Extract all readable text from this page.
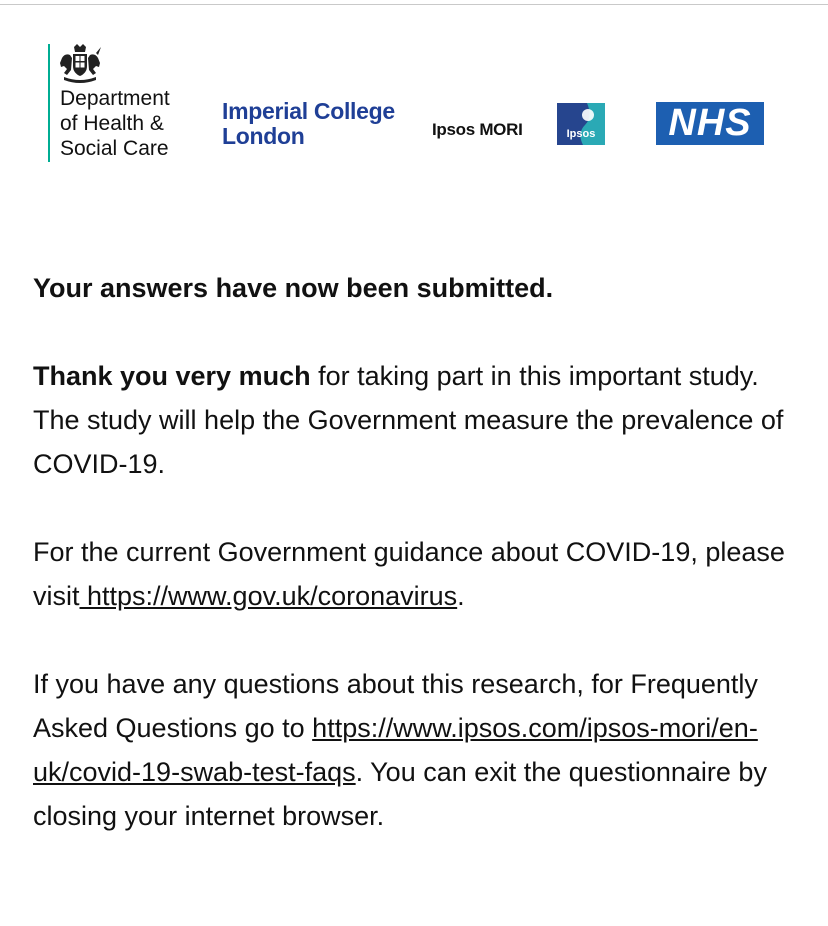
Department
of Health &
Social Care
Imperial College
London	Ipsos MORI	Ipsos	NHS

Your answers have now been submitted.

Thank you very much for taking part in this important study. The study will help the Government measure the prevalence of COVID-19.

For the current Government guidance about COVID-19, please visit https://www.gov.uk/coronavirus.

If you have any questions about this research, for Frequently Asked Questions go to https://www.ipsos.com/ipsos-mori/en-uk/covid-19-swab-test-faqs. You can exit the questionnaire by closing your internet browser.
